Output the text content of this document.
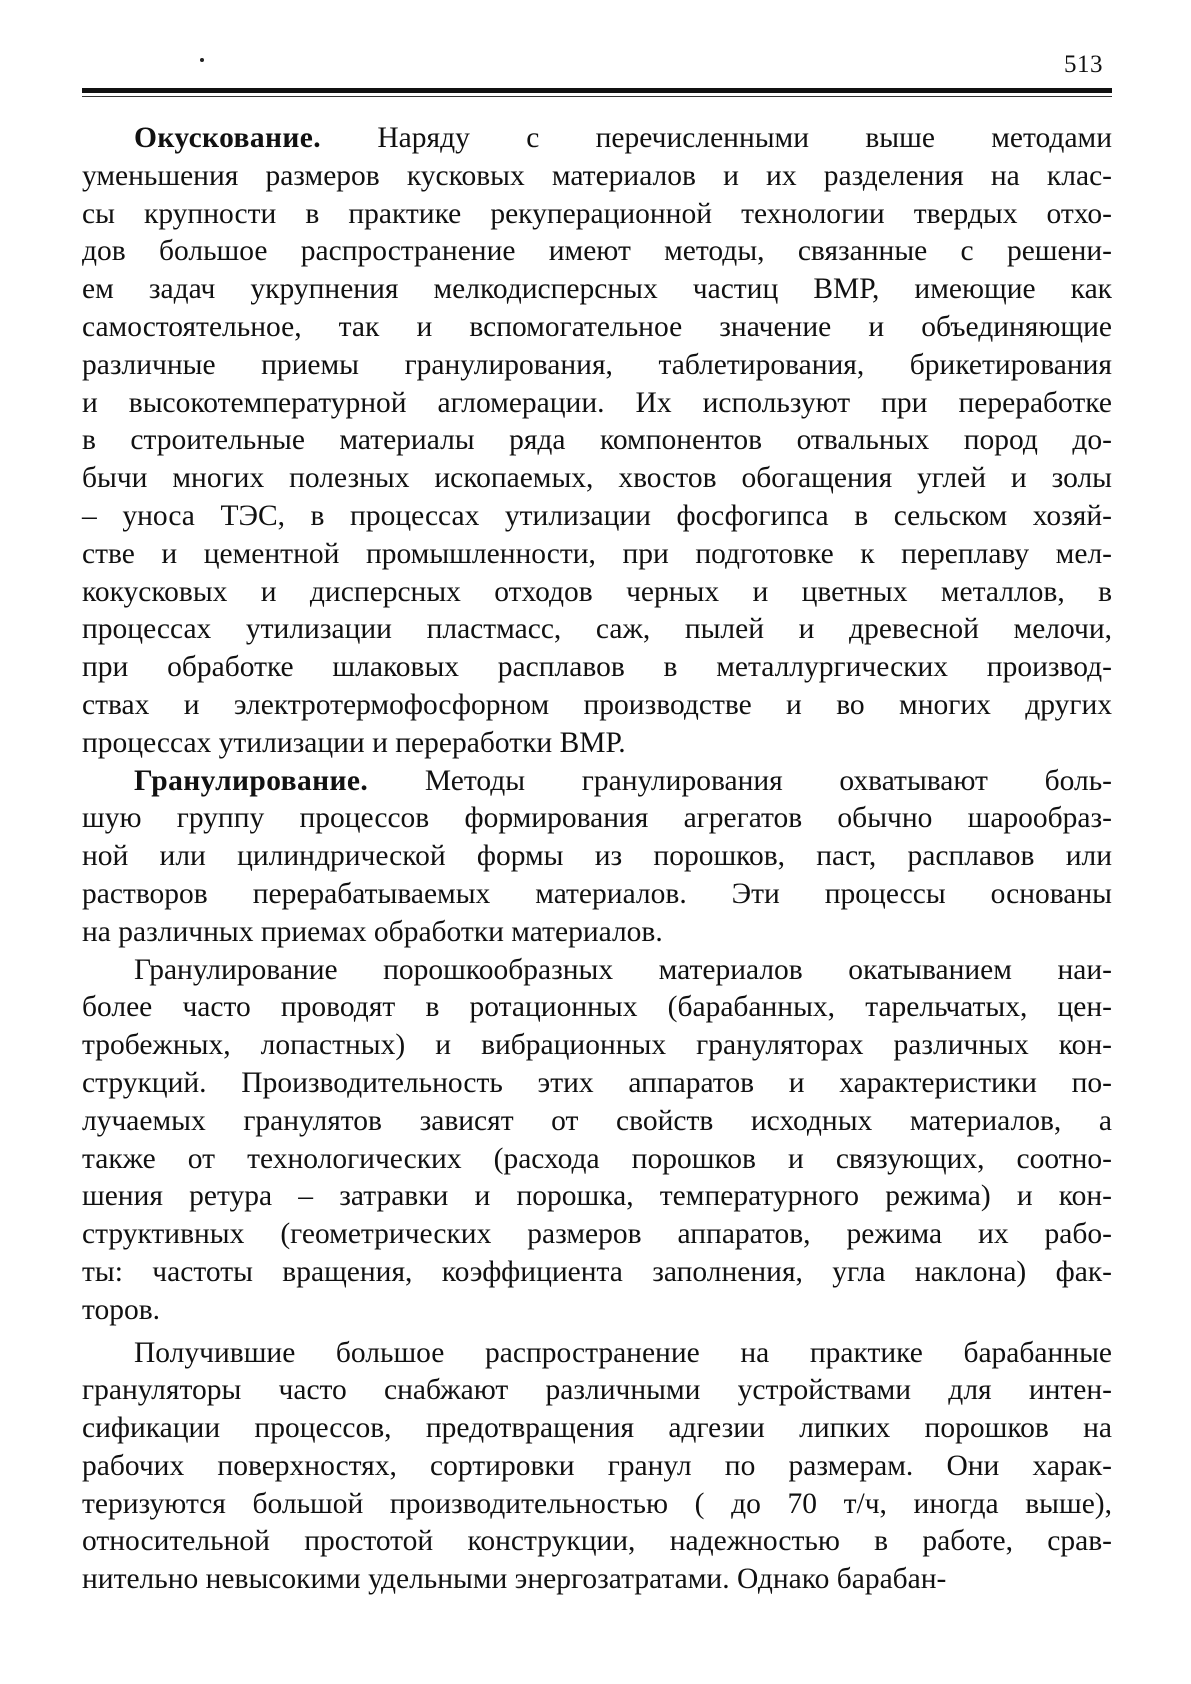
513
Окускование. Наряду с перечисленными выше методами
уменьшения размеров кусковых материалов и их разделения на клас-
сы крупности в практике рекуперационной технологии твердых отхо-
дов большое распространение имеют методы, связанные с решени-
ем задач укрупнения мелкодисперсных частиц ВМР, имеющие как
самостоятельное, так и вспомогательное значение и объединяющие
различные приемы гранулирования, таблетирования, брикетирования
и высокотемпературной агломерации. Их используют при переработке
в строительные материалы ряда компонентов отвальных пород до-
бычи многих полезных ископаемых, хвостов обогащения углей и золы
– уноса ТЭС, в процессах утилизации фосфогипса в сельском хозяй-
стве и цементной промышленности, при подготовке к переплаву мел-
кокусковых и дисперсных отходов черных и цветных металлов, в
процессах утилизации пластмасс, саж, пылей и древесной мелочи,
при обработке шлаковых расплавов в металлургических производ-
ствах и электротермофосфорном производстве и во многих других
процессах утилизации и переработки ВМР.
Гранулирование. Методы гранулирования охватывают боль-
шую группу процессов формирования агрегатов обычно шарообраз-
ной или цилиндрической формы из порошков, паст, расплавов или
растворов перерабатываемых материалов. Эти процессы основаны
на различных приемах обработки материалов.
Гранулирование порошкообразных материалов окатыванием наи-
более часто проводят в ротационных (барабанных, тарельчатых, цен-
тробежных, лопастных) и вибрационных грануляторах различных кон-
струкций. Производительность этих аппаратов и характеристики по-
лучаемых гранулятов зависят от свойств исходных материалов, а
также от технологических (расхода порошков и связующих, соотно-
шения ретура – затравки и порошка, температурного режима) и кон-
структивных (геометрических размеров аппаратов, режима их рабо-
ты: частоты вращения, коэффициента заполнения, угла наклона) фак-
торов.
Получившие большое распространение на практике барабанные
грануляторы часто снабжают различными устройствами для интен-
сификации процессов, предотвращения адгезии липких порошков на
рабочих поверхностях, сортировки гранул по размерам. Они харак-
теризуются большой производительностью ( до 70 т/ч, иногда выше),
относительной простотой конструкции, надежностью в работе, срав-
нительно невысокими удельными энергозатратами. Однако барабан-
